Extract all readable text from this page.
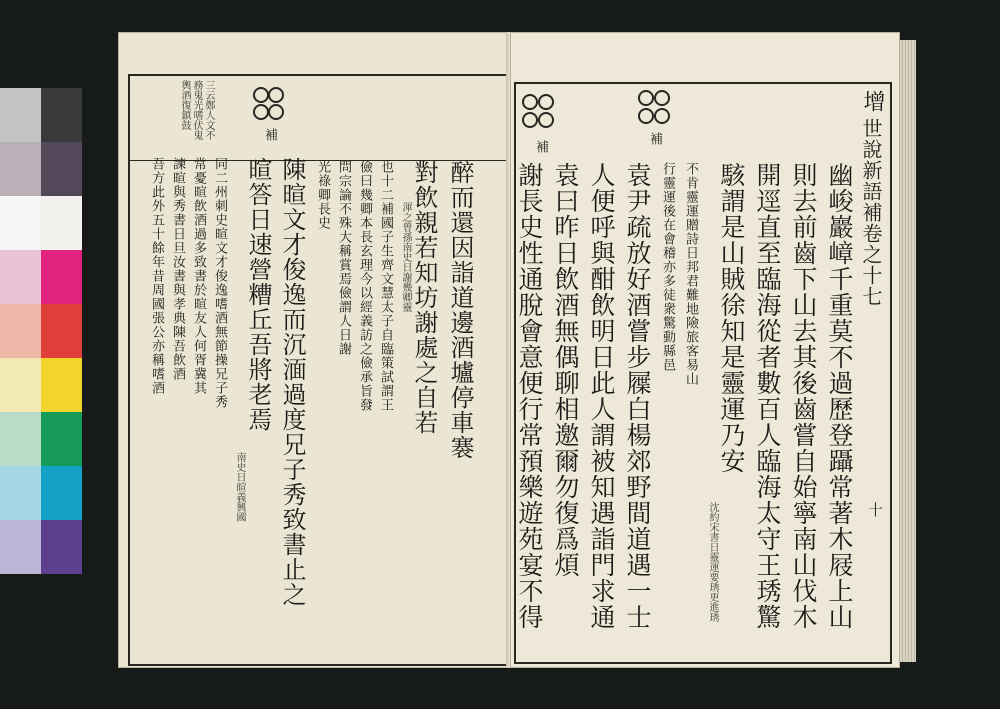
三云鄭人文不
務鬼光嗜伏鬼
輿酒復鎮鼓
補
醉而還因詣道邊酒壚停車褰
對飲親若知坊謝處之自若
渾之曾孫南史日謝幾卿靈
也十二補國子生齊文慧太子自臨策試謂王
儉曰幾卿本長玄理今以經義訪之儉承旨發
問宗論不殊大稱賞焉儉謂人日謝
光祿卿長史
陳暄文才俊逸而沉湎過度兄子秀致書止之
暄答日速營糟丘吾將老焉
南史日暄義興國
同二州刺史暄文才俊逸嗜酒無節操兄子秀
常憂暄飲酒過多致書於暄友人何胥冀其
諫暄與秀書日旦汝書與孝典陳吾飲酒
吾方此外五十餘年昔周國張公亦稱嗜酒
補
補
幽峻巖嶂千重莫不過歷登躡常著木屐上山
則去前齒下山去其後齒嘗自始寧南山伐木
開逕直至臨海從者數百人臨海太守王琇驚
駭謂是山賊徐知是靈運乃安
沈約宋書日靈運要琇更進琇
不肯靈運贈詩日邦君難地險旅客易山
行靈運後在會稽亦多徒衆驚動縣邑
袁尹疏放好酒嘗步屧白楊郊野間道遇一士
人便呼與酣飲明日此人謂被知遇詣門求通
袁曰昨日飲酒無偶聊相邀爾勿復爲煩
謝長史性通脫會意便行常預樂遊苑宴不得
增
世說新語補卷之十七
十
